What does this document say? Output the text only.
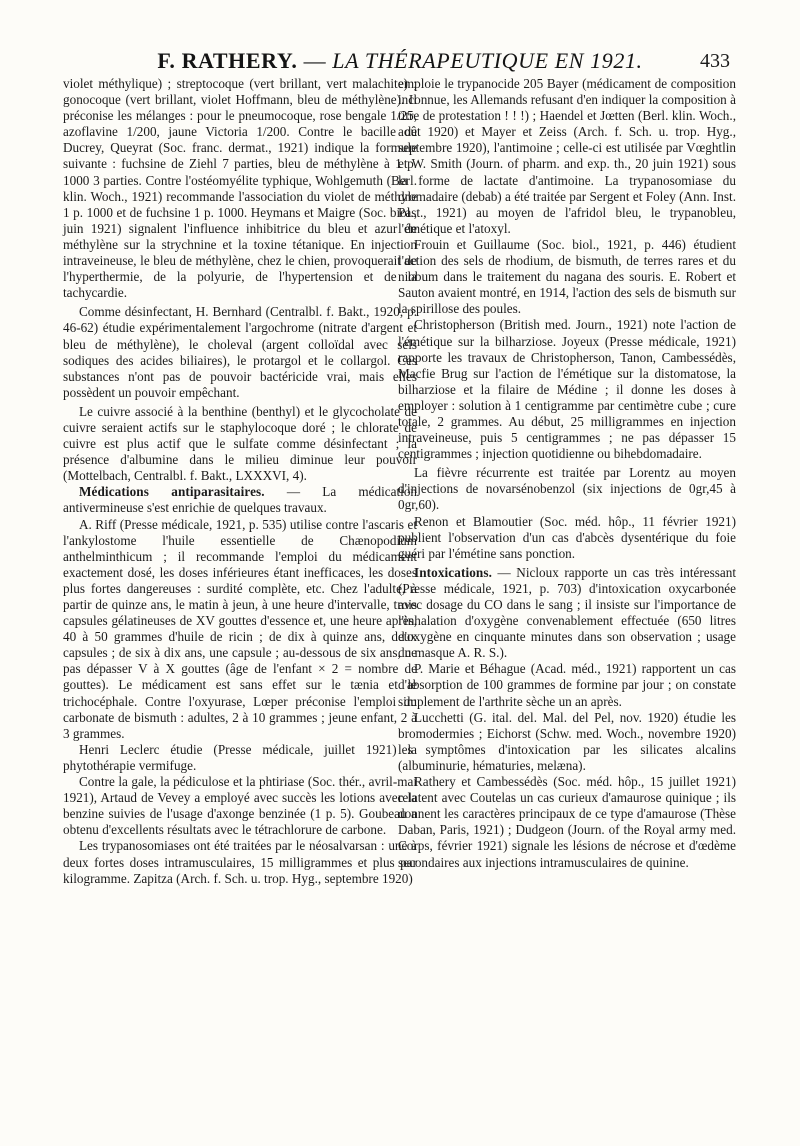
F. RATHERY. — LA THÉRAPEUTIQUE EN 1921.	433

violet méthylique) ; streptocoque (vert brillant, vert malachite) ; gonocoque (vert brillant, violet Hoffmann, bleu de méthylène). Il préconise les mélanges : pour le pneumocoque, rose bengale 1/25, azoflavine 1/200, jaune Victoria 1/200. Contre le bacille de Ducrey, Queyrat (Soc. franc. dermat., 1921) indique la formule suivante : fuchsine de Ziehl 7 parties, bleu de méthylène à 1 p. 1000 3 parties. Contre l'ostéomyélite typhique, Wohlgemuth (Berl. klin. Woch., 1921) recommande l'association du violet de méthyle 1 p. 1000 et de fuchsine 1 p. 1000. Heymans et Maigre (Soc. biol., juin 1921) signalent l'influence inhibitrice du bleu et azur de méthylène sur la strychnine et la toxine tétanique. En injection intraveineuse, le bleu de méthylène, chez le chien, provoquerait de l'hyperthermie, de la polyurie, de l'hypertension et de la tachycardie.

Comme désinfectant, H. Bernhard (Centralbl. f. Bakt., 1920, p. 46-62) étudie expérimentalement l'argochrome (nitrate d'argent et bleu de méthylène), le choleval (argent colloïdal avec sels sodiques des acides biliaires), le protargol et le collargol. Ces substances n'ont pas de pouvoir bactéricide vrai, mais elles possèdent un pouvoir empêchant.

Le cuivre associé à la benthine (benthyl) et le glycocholate de cuivre seraient actifs sur le staphylocoque doré ; le chlorate de cuivre est plus actif que le sulfate comme désinfectant ; la présence d'albumine dans le milieu diminue leur pouvoir (Mottelbach, Centralbl. f. Bakt., LXXXVI, 4).

Médications antiparasitaires. — La médication antivermineuse s'est enrichie de quelques travaux.

A. Riff (Presse médicale, 1921, p. 535) utilise contre l'ascaris et l'ankylostome l'huile essentielle de Chænopodium anthelminthicum ; il recommande l'emploi du médicament exactement dosé, les doses inférieures étant inefficaces, les doses plus fortes dangereuses : surdité complète, etc. Chez l'adulte, à partir de quinze ans, le matin à jeun, à une heure d'intervalle, trois capsules gélatineuses de XV gouttes d'essence et, une heure après, 40 à 50 grammes d'huile de ricin ; de dix à quinze ans, deux capsules ; de six à dix ans, une capsule ; au-dessous de six ans, ne pas dépasser V à X gouttes (âge de l'enfant × 2 = nombre de gouttes). Le médicament est sans effet sur le tænia et le trichocéphale. Contre l'oxyurase, Lœper préconise l'emploi du carbonate de bismuth : adultes, 2 à 10 grammes ; jeune enfant, 2 à 3 grammes.

Henri Leclerc étudie (Presse médicale, juillet 1921) la phytothérapie vermifuge.

Contre la gale, la pédiculose et la phtiriase (Soc. thér., avril-mai 1921), Artaud de Vevey a employé avec succès les lotions avec la benzine suivies de l'usage d'axonge benzinée (1 p. 5). Goubeau a obtenu d'excellents résultats avec le tétrachlorure de carbone.

Les trypanosomiases ont été traitées par le néosalvarsan : une à deux fortes doses intramusculaires, 15 milligrammes et plus par kilogramme. Zapitza (Arch. f. Sch. u. trop. Hyg., septembre 1920)

emploie le trypanocide 205 Bayer (médicament de composition inconnue, les Allemands refusant d'en indiquer la composition à titre de protestation ! ! !) ; Haendel et Jœtten (Berl. klin. Woch., août 1920) et Mayer et Zeiss (Arch. f. Sch. u. trop. Hyg., septembre 1920), l'antimoine ; celle-ci est utilisée par Vœghtlin et W. Smith (Journ. of pharm. and exp. th., 20 juin 1921) sous la forme de lactate d'antimoine. La trypanosomiase du dromadaire (debab) a été traitée par Sergent et Foley (Ann. Inst. Past., 1921) au moyen de l'afridol bleu, le trypanobleu, l'émétique et l'atoxyl.

Frouin et Guillaume (Soc. biol., 1921, p. 446) étudient l'action des sels de rhodium, de bismuth, de terres rares et du niobum dans le traitement du nagana des souris. E. Robert et Sauton avaient montré, en 1914, l'action des sels de bismuth sur la spirillose des poules.

Christopherson (British med. Journ., 1921) note l'action de l'émétique sur la bilharziose. Joyeux (Presse médicale, 1921) rapporte les travaux de Christopherson, Tanon, Cambessédès, Macfie Brug sur l'action de l'émétique sur la distomatose, la bilharziose et la filaire de Médine ; il donne les doses à employer : solution à 1 centigramme par centimètre cube ; cure totale, 2 grammes. Au début, 25 milligrammes en injection intraveineuse, puis 5 centigrammes ; ne pas dépasser 15 centigrammes ; injection quotidienne ou bihebdomadaire.

La fièvre récurrente est traitée par Lorentz au moyen d'injections de novarsénobenzol (six injections de 0gr,45 à 0gr,60).

Renon et Blamoutier (Soc. méd. hôp., 11 février 1921) publient l'observation d'un cas d'abcès dysentérique du foie guéri par l'émétine sans ponction.

Intoxications. — Nicloux rapporte un cas très intéressant (Presse médicale, 1921, p. 703) d'intoxication oxycarbonée avec dosage du CO dans le sang ; il insiste sur l'importance de l'inhalation d'oxygène convenablement effectuée (650 litres d'oxygène en cinquante minutes dans son observation ; usage du masque A. R. S.).

P. Marie et Béhague (Acad. méd., 1921) rapportent un cas d'absorption de 100 grammes de formine par jour ; on constate simplement de l'arthrite sèche un an après.

Lucchetti (G. ital. del. Mal. del Pel, nov. 1920) étudie les bromodermies ; Eichorst (Schw. med. Woch., novembre 1920) les symptômes d'intoxication par les silicates alcalins (albuminurie, hématuries, melæna).

Rathery et Cambessédès (Soc. méd. hôp., 15 juillet 1921) relatent avec Coutelas un cas curieux d'amaurose quinique ; ils donnent les caractères principaux de ce type d'amaurose (Thèse Daban, Paris, 1921) ; Dudgeon (Journ. of the Royal army med. Corps, février 1921) signale les lésions de nécrose et d'œdème secondaires aux injections intramusculaires de quinine.
